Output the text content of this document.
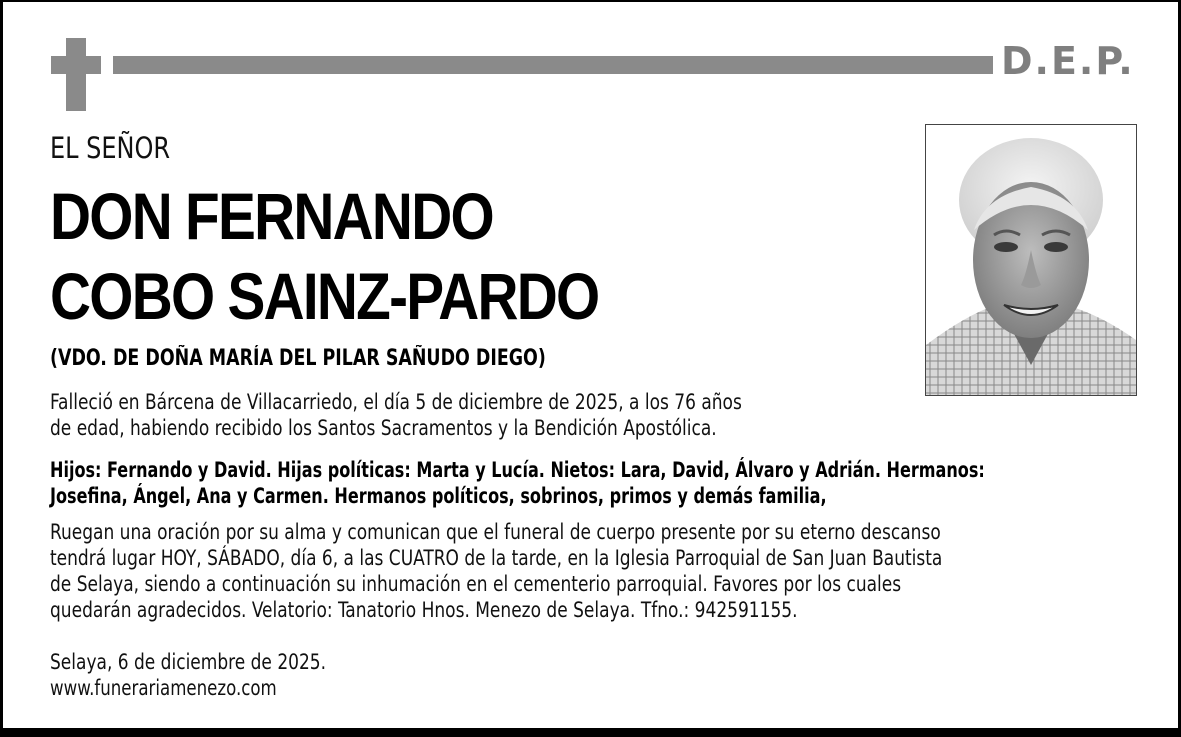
D.E.P.
EL SEÑOR
DON FERNANDO
COBO SAINZ-PARDO
(VDO. DE DOÑA MARÍA DEL PILAR SAÑUDO DIEGO)
Falleció en Bárcena de Villacarriedo, el día 5 de diciembre de 2025, a los 76 años
de edad, habiendo recibido los Santos Sacramentos y la Bendición Apostólica.
Hijos: Fernando y David. Hijas políticas: Marta y Lucía. Nietos: Lara, David, Álvaro y Adrián. Hermanos:
Josefina, Ángel, Ana y Carmen. Hermanos políticos, sobrinos, primos y demás familia,
Ruegan una oración por su alma y comunican que el funeral de cuerpo presente por su eterno descanso
tendrá lugar HOY, SÁBADO, día 6, a las CUATRO de la tarde, en la Iglesia Parroquial de San Juan Bautista
de Selaya, siendo a continuación su inhumación en el cementerio parroquial. Favores por los cuales
quedarán agradecidos. Velatorio: Tanatorio Hnos. Menezo de Selaya. Tfno.: 942591155.
Selaya, 6 de diciembre de 2025.
www.funerariamenezo.com
